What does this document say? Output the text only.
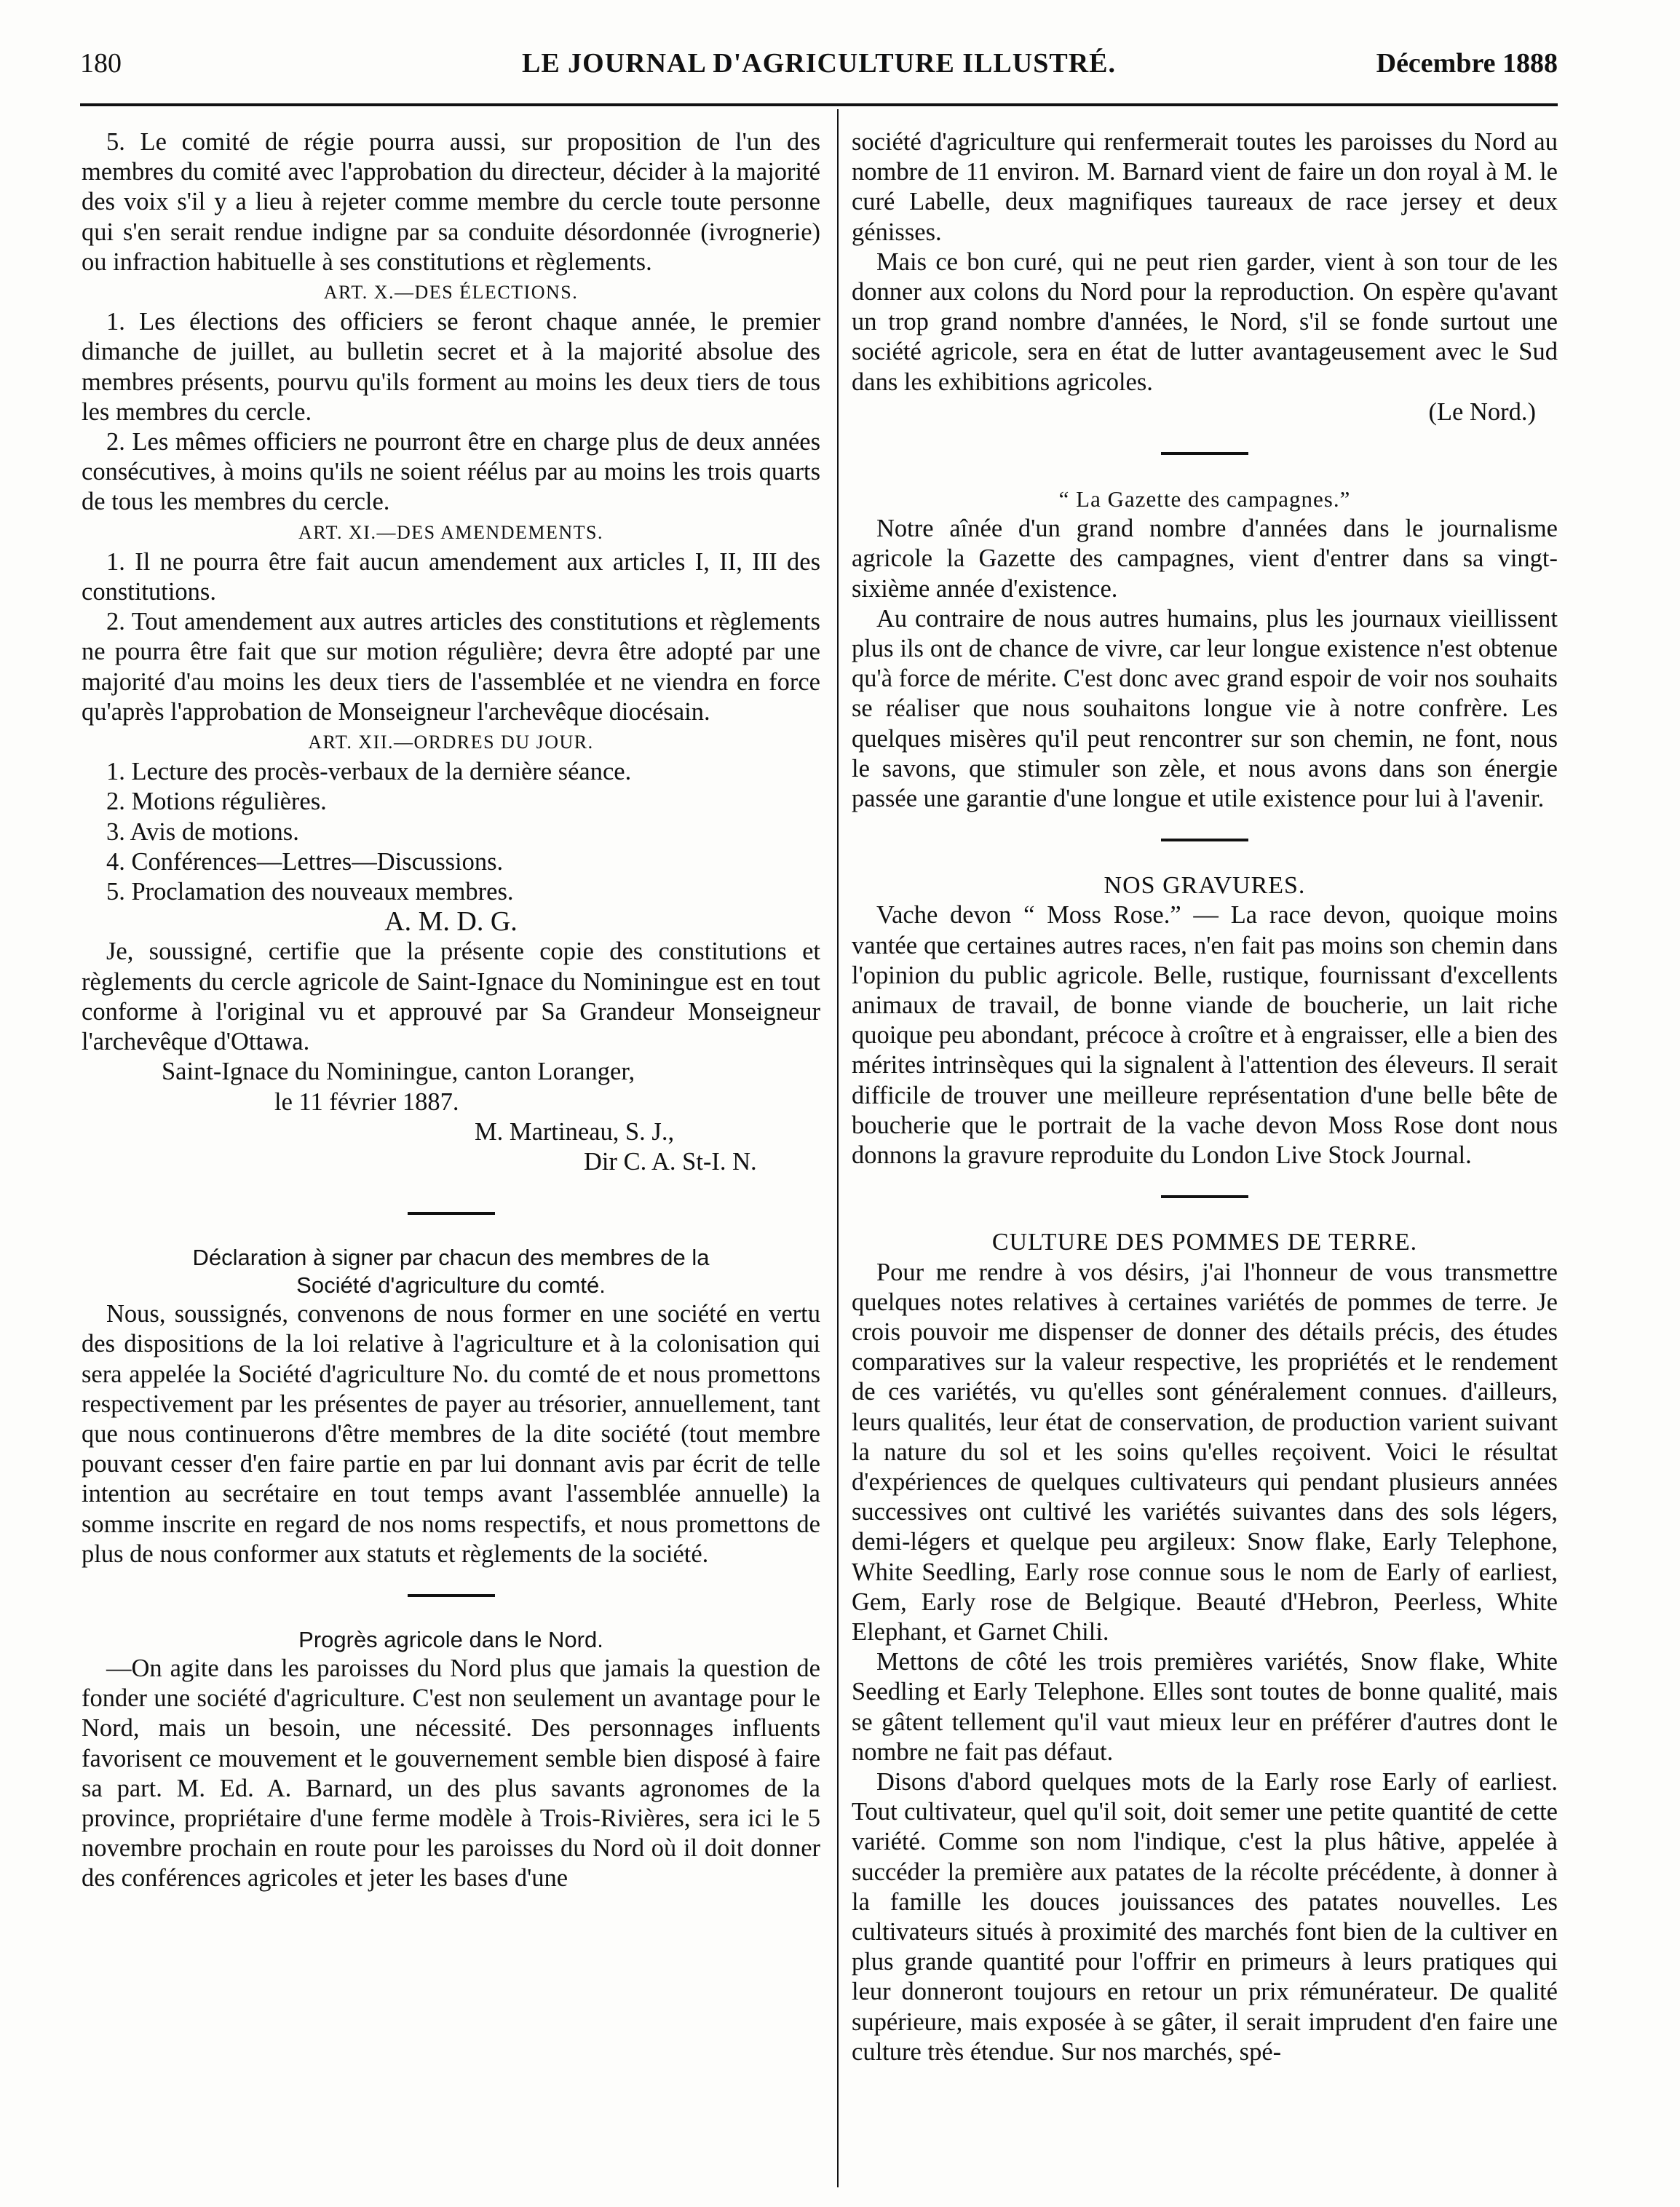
180	LE JOURNAL D'AGRICULTURE ILLUSTRÉ.	Décembre 1888

5. Le comité de régie pourra aussi, sur proposition de l'un des membres du comité avec l'approbation du directeur, décider à la majorité des voix s'il y a lieu à rejeter comme membre du cercle toute personne qui s'en serait rendue indigne par sa conduite désordonnée (ivrognerie) ou infraction habituelle à ses constitutions et règlements.

ART. X.—DES ÉLECTIONS.

1. Les élections des officiers se feront chaque année, le premier dimanche de juillet, au bulletin secret et à la majorité absolue des membres présents, pourvu qu'ils forment au moins les deux tiers de tous les membres du cercle.

2. Les mêmes officiers ne pourront être en charge plus de deux années consécutives, à moins qu'ils ne soient réélus par au moins les trois quarts de tous les membres du cercle.

ART. XI.—DES AMENDEMENTS.

1. Il ne pourra être fait aucun amendement aux articles I, II, III des constitutions.

2. Tout amendement aux autres articles des constitutions et règlements ne pourra être fait que sur motion régulière; devra être adopté par une majorité d'au moins les deux tiers de l'assemblée et ne viendra en force qu'après l'approbation de Monseigneur l'archevêque diocésain.

ART. XII.—ORDRES DU JOUR.

1. Lecture des procès-verbaux de la dernière séance.

2. Motions régulières.

3. Avis de motions.

4. Conférences—Lettres—Discussions.

5. Proclamation des nouveaux membres.

A. M. D. G.

Je, soussigné, certifie que la présente copie des constitutions et règlements du cercle agricole de Saint-Ignace du Nominingue est en tout conforme à l'original vu et approuvé par Sa Grandeur Monseigneur l'archevêque d'Ottawa.

Saint-Ignace du Nominingue, canton Loranger,

le 11 février 1887.

M. Martineau, S. J.,

Dir C. A. St-I. N.

Déclaration à signer par chacun des membres de la

Société d'agriculture du comté.

Nous, soussignés, convenons de nous former en une société en vertu des dispositions de la loi relative à l'agriculture et à la colonisation qui sera appelée la Société d'agriculture No. du comté de et nous promettons respectivement par les présentes de payer au trésorier, annuellement, tant que nous continuerons d'être membres de la dite société (tout membre pouvant cesser d'en faire partie en par lui donnant avis par écrit de telle intention au secrétaire en tout temps avant l'assemblée annuelle) la somme inscrite en regard de nos noms respectifs, et nous promettons de plus de nous conformer aux statuts et règlements de la société.

Progrès agricole dans le Nord.

—On agite dans les paroisses du Nord plus que jamais la question de fonder une société d'agriculture. C'est non seulement un avantage pour le Nord, mais un besoin, une nécessité. Des personnages influents favorisent ce mouvement et le gouvernement semble bien disposé à faire sa part. M. Ed. A. Barnard, un des plus savants agronomes de la province, propriétaire d'une ferme modèle à Trois-Rivières, sera ici le 5 novembre prochain en route pour les paroisses du Nord où il doit donner des conférences agricoles et jeter les bases d'une

société d'agriculture qui renfermerait toutes les paroisses du Nord au nombre de 11 environ. M. Barnard vient de faire un don royal à M. le curé Labelle, deux magnifiques taureaux de race jersey et deux génisses.

Mais ce bon curé, qui ne peut rien garder, vient à son tour de les donner aux colons du Nord pour la reproduction. On espère qu'avant un trop grand nombre d'années, le Nord, s'il se fonde surtout une société agricole, sera en état de lutter avantageusement avec le Sud dans les exhibitions agricoles.

(Le Nord.)

“ La Gazette des campagnes.”

Notre aînée d'un grand nombre d'années dans le journalisme agricole la Gazette des campagnes, vient d'entrer dans sa vingt-sixième année d'existence.

Au contraire de nous autres humains, plus les journaux vieillissent plus ils ont de chance de vivre, car leur longue existence n'est obtenue qu'à force de mérite. C'est donc avec grand espoir de voir nos souhaits se réaliser que nous souhaitons longue vie à notre confrère. Les quelques misères qu'il peut rencontrer sur son chemin, ne font, nous le savons, que stimuler son zèle, et nous avons dans son énergie passée une garantie d'une longue et utile existence pour lui à l'avenir.

NOS GRAVURES.

Vache devon “ Moss Rose.” — La race devon, quoique moins vantée que certaines autres races, n'en fait pas moins son chemin dans l'opinion du public agricole. Belle, rustique, fournissant d'excellents animaux de travail, de bonne viande de boucherie, un lait riche quoique peu abondant, précoce à croître et à engraisser, elle a bien des mérites intrinsèques qui la signalent à l'attention des éleveurs. Il serait difficile de trouver une meilleure représentation d'une belle bête de boucherie que le portrait de la vache devon Moss Rose dont nous donnons la gravure reproduite du London Live Stock Journal.

CULTURE DES POMMES DE TERRE.

Pour me rendre à vos désirs, j'ai l'honneur de vous transmettre quelques notes relatives à certaines variétés de pommes de terre. Je crois pouvoir me dispenser de donner des détails précis, des études comparatives sur la valeur respective, les propriétés et le rendement de ces variétés, vu qu'elles sont généralement connues. d'ailleurs, leurs qualités, leur état de conservation, de production varient suivant la nature du sol et les soins qu'elles reçoivent. Voici le résultat d'expériences de quelques cultivateurs qui pendant plusieurs années successives ont cultivé les variétés suivantes dans des sols légers, demi-légers et quelque peu argileux: Snow flake, Early Telephone, White Seedling, Early rose connue sous le nom de Early of earliest, Gem, Early rose de Belgique. Beauté d'Hebron, Peerless, White Elephant, et Garnet Chili.

Mettons de côté les trois premières variétés, Snow flake, White Seedling et Early Telephone. Elles sont toutes de bonne qualité, mais se gâtent tellement qu'il vaut mieux leur en préférer d'autres dont le nombre ne fait pas défaut.

Disons d'abord quelques mots de la Early rose Early of earliest. Tout cultivateur, quel qu'il soit, doit semer une petite quantité de cette variété. Comme son nom l'indique, c'est la plus hâtive, appelée à succéder la première aux patates de la récolte précédente, à donner à la famille les douces jouissances des patates nouvelles. Les cultivateurs situés à proximité des marchés font bien de la cultiver en plus grande quantité pour l'offrir en primeurs à leurs pratiques qui leur donneront toujours en retour un prix rémunérateur. De qualité supérieure, mais exposée à se gâter, il serait imprudent d'en faire une culture très étendue. Sur nos marchés, spé-
